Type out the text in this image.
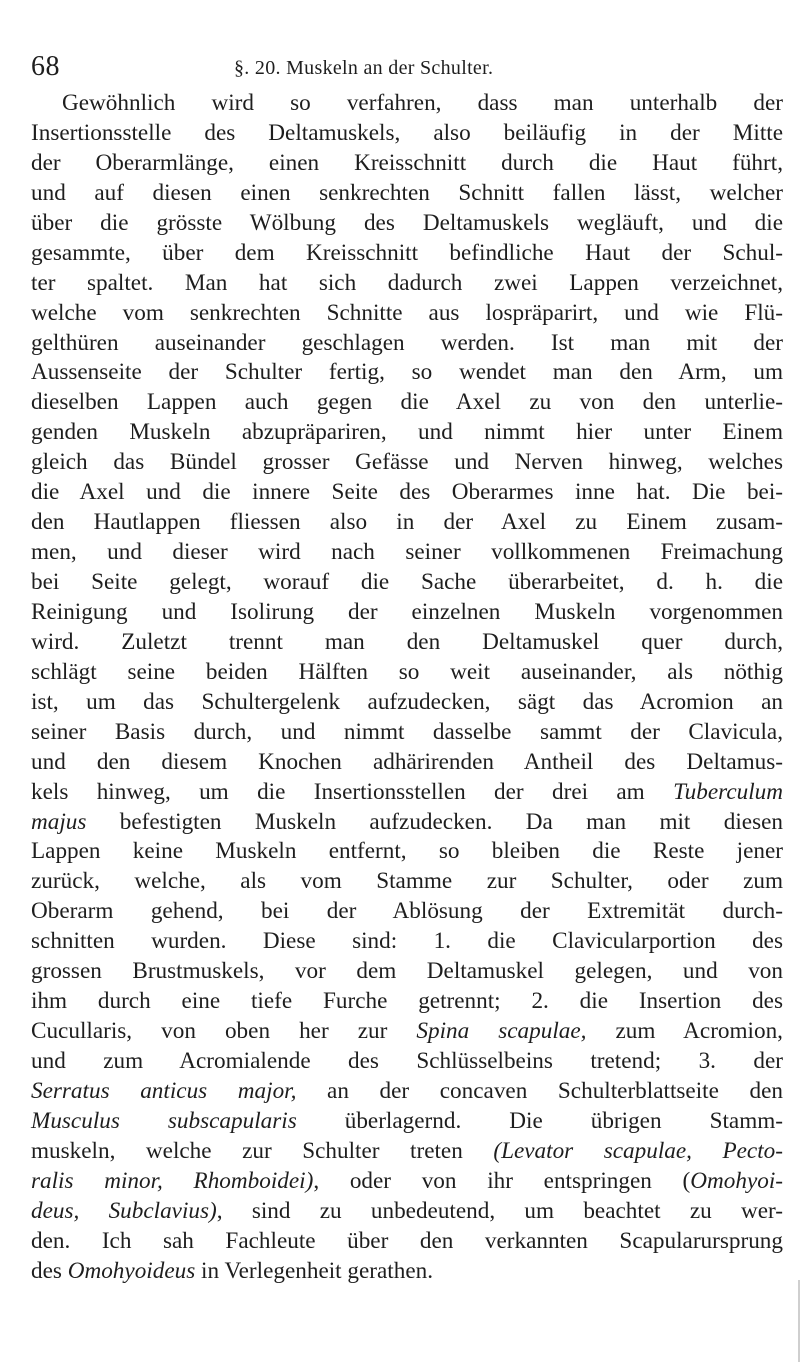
68	§. 20. Muskeln an der Schulter.
Gewöhnlich wird so verfahren, dass man unterhalb der
Insertionsstelle des Deltamuskels, also beiläufig in der Mitte
der Oberarmlänge, einen Kreisschnitt durch die Haut führt,
und auf diesen einen senkrechten Schnitt fallen lässt, welcher
über die grösste Wölbung des Deltamuskels wegläuft, und die
gesammte, über dem Kreisschnitt befindliche Haut der Schul-
ter spaltet. Man hat sich dadurch zwei Lappen verzeichnet,
welche vom senkrechten Schnitte aus lospräparirt, und wie Flü-
gelthüren auseinander geschlagen werden. Ist man mit der
Aussenseite der Schulter fertig, so wendet man den Arm, um
dieselben Lappen auch gegen die Axel zu von den unterlie-
genden Muskeln abzupräpariren, und nimmt hier unter Einem
gleich das Bündel grosser Gefässe und Nerven hinweg, welches
die Axel und die innere Seite des Oberarmes inne hat. Die bei-
den Hautlappen fliessen also in der Axel zu Einem zusam-
men, und dieser wird nach seiner vollkommenen Freimachung
bei Seite gelegt, worauf die Sache überarbeitet, d. h. die
Reinigung und Isolirung der einzelnen Muskeln vorgenommen
wird. Zuletzt trennt man den Deltamuskel quer durch,
schlägt seine beiden Hälften so weit auseinander, als nöthig
ist, um das Schultergelenk aufzudecken, sägt das Acromion an
seiner Basis durch, und nimmt dasselbe sammt der Clavicula,
und den diesem Knochen adhärirenden Antheil des Deltamus-
kels hinweg, um die Insertionsstellen der drei am Tuberculum
majus befestigten Muskeln aufzudecken. Da man mit diesen
Lappen keine Muskeln entfernt, so bleiben die Reste jener
zurück, welche, als vom Stamme zur Schulter, oder zum
Oberarm gehend, bei der Ablösung der Extremität durch-
schnitten wurden. Diese sind: 1. die Clavicularportion des
grossen Brustmuskels, vor dem Deltamuskel gelegen, und von
ihm durch eine tiefe Furche getrennt; 2. die Insertion des
Cucullaris, von oben her zur Spina scapulae, zum Acromion,
und zum Acromialende des Schlüsselbeins tretend; 3. der
Serratus anticus major, an der concaven Schulterblattseite den
Musculus subscapularis überlagernd. Die übrigen Stamm-
muskeln, welche zur Schulter treten (Levator scapulae, Pecto-
ralis minor, Rhomboidei), oder von ihr entspringen (Omohyoi-
deus, Subclavius), sind zu unbedeutend, um beachtet zu wer-
den. Ich sah Fachleute über den verkannten Scapularursprung
des Omohyoideus in Verlegenheit gerathen.
